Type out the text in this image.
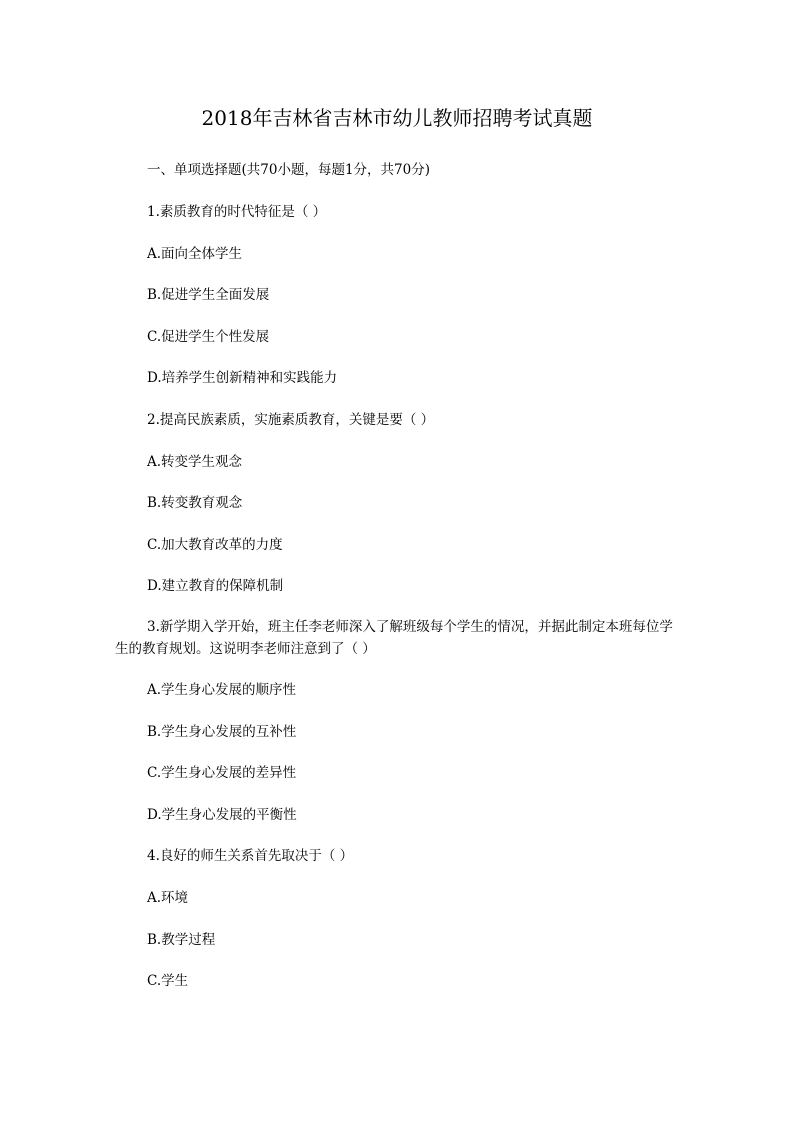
2018年吉林省吉林市幼儿教师招聘考试真题
一、单项选择题(共70小题，每题1分，共70分)
1.素质教育的时代特征是（ ）
A.面向全体学生
B.促进学生全面发展
C.促进学生个性发展
D.培养学生创新精神和实践能力
2.提高民族素质，实施素质教育，关键是要（ ）
A.转变学生观念
B.转变教育观念
C.加大教育改革的力度
D.建立教育的保障机制
3.新学期入学开始，班主任李老师深入了解班级每个学生的情况，并据此制定本班每位学生的教育规划。这说明李老师注意到了（ ）
A.学生身心发展的顺序性
B.学生身心发展的互补性
C.学生身心发展的差异性
D.学生身心发展的平衡性
4.良好的师生关系首先取决于（ ）
A.环境
B.教学过程
C.学生
